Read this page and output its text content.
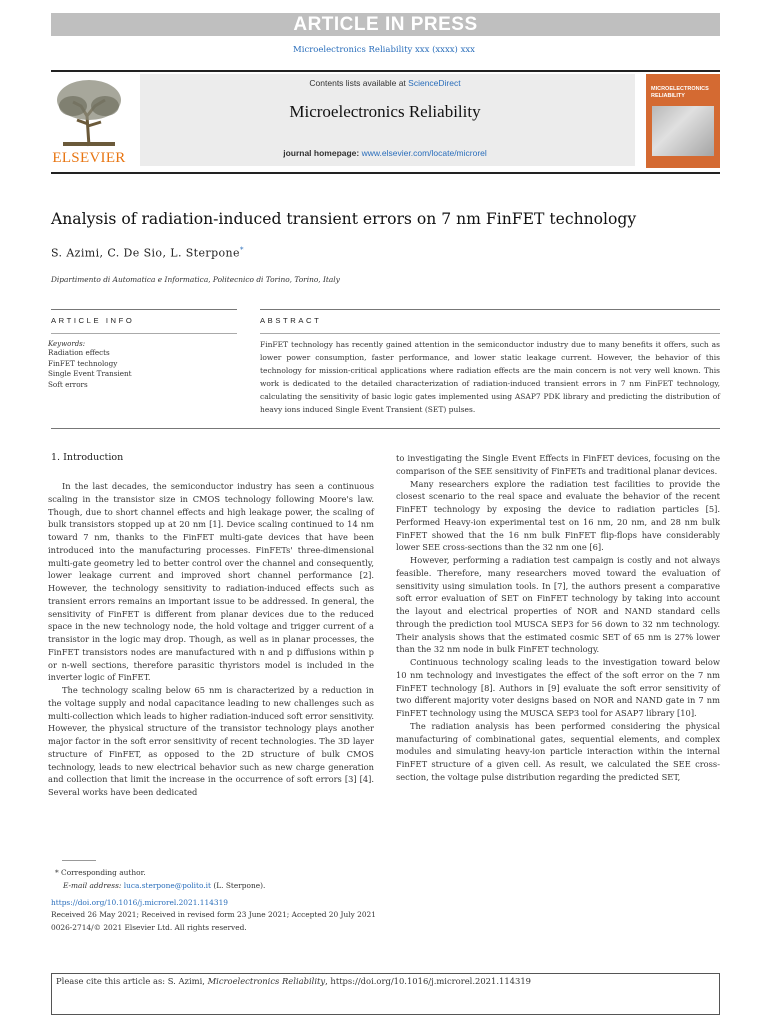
ARTICLE IN PRESS
Microelectronics Reliability xxx (xxxx) xxx
ELSEVIER
Contents lists available at ScienceDirect
Microelectronics Reliability
journal homepage: www.elsevier.com/locate/microrel
MICROELECTRONICS RELIABILITY
Analysis of radiation-induced transient errors on 7 nm FinFET technology
S. Azimi, C. De Sio, L. Sterpone*
Dipartimento di Automatica e Informatica, Politecnico di Torino, Torino, Italy
ARTICLE INFO	ABSTRACT
Keywords:
Radiation effects
FinFET technology
Single Event Transient
Soft errors
FinFET technology has recently gained attention in the semiconductor industry due to many benefits it offers, such as lower power consumption, faster performance, and lower static leakage current. However, the behavior of this technology for mission-critical applications where radiation effects are the main concern is not very well known. This work is dedicated to the detailed characterization of radiation-induced transient errors in 7 nm FinFET technology, calculating the sensitivity of basic logic gates implemented using ASAP7 PDK library and predicting the distribution of heavy ions induced Single Event Transient (SET) pulses.
1. Introduction

In the last decades, the semiconductor industry has seen a continuous scaling in the transistor size in CMOS technology following Moore's law. Though, due to short channel effects and high leakage power, the scaling of bulk transistors stopped up at 20 nm [1]. Device scaling continued to 14 nm toward 7 nm, thanks to the FinFET multi-gate devices that have been introduced into the manufacturing processes. FinFETs' three-dimensional multi-gate geometry led to better control over the channel and consequently, lower leakage current and improved short channel performance [2]. However, the technology sensitivity to radiation-induced effects such as transient errors remains an important issue to be addressed. In general, the sensitivity of FinFET is different from planar devices due to the reduced space in the new technology node, the hold voltage and trigger current of a transistor in the logic may drop. Though, as well as in planar processes, the FinFET transistors nodes are manufactured with n and p diffusions within p or n-well sections, therefore parasitic thyristors model is included in the inverter logic of FinFET.

The technology scaling below 65 nm is characterized by a reduction in the voltage supply and nodal capacitance leading to new challenges such as multi-collection which leads to higher radiation-induced soft error sensitivity. However, the physical structure of the transistor technology plays another major factor in the soft error sensitivity of recent technologies. The 3D layer structure of FinFET, as opposed to the 2D structure of bulk CMOS technology, leads to new electrical behavior such as new charge generation and collection that limit the increase in the occurrence of soft errors [3] [4]. Several works have been dedicated

to investigating the Single Event Effects in FinFET devices, focusing on the comparison of the SEE sensitivity of FinFETs and traditional planar devices.

Many researchers explore the radiation test facilities to provide the closest scenario to the real space and evaluate the behavior of the recent FinFET technology by exposing the device to radiation particles [5]. Performed Heavy-ion experimental test on 16 nm, 20 nm, and 28 nm bulk FinFET showed that the 16 nm bulk FinFET flip-flops have considerably lower SEE cross-sections than the 32 nm one [6].

However, performing a radiation test campaign is costly and not always feasible. Therefore, many researchers moved toward the evaluation of sensitivity using simulation tools. In [7], the authors present a comparative soft error evaluation of SET on FinFET technology by taking into account the layout and electrical properties of NOR and NAND standard cells through the prediction tool MUSCA SEP3 for 56 down to 32 nm technology. Their analysis shows that the estimated cosmic SET of 65 nm is 27% lower than the 32 nm node in bulk FinFET technology.

Continuous technology scaling leads to the investigation toward below 10 nm technology and investigates the effect of the soft error on the 7 nm FinFET technology [8]. Authors in [9] evaluate the soft error sensitivity of two different majority voter designs based on NOR and NAND gate in 7 nm FinFET technology using the MUSCA SEP3 tool for ASAP7 library [10].

The radiation analysis has been performed considering the physical manufacturing of combinational gates, sequential elements, and complex modules and simulating heavy-ion particle interaction within the internal FinFET structure of a given cell. As result, we calculated the SEE cross-section, the voltage pulse distribution regarding the predicted SET,

* Corresponding author.
E-mail address: luca.sterpone@polito.it (L. Sterpone).
https://doi.org/10.1016/j.microrel.2021.114319
Received 26 May 2021; Received in revised form 23 June 2021; Accepted 20 July 2021
0026-2714/© 2021 Elsevier Ltd. All rights reserved.
Please cite this article as: S. Azimi, Microelectronics Reliability, https://doi.org/10.1016/j.microrel.2021.114319
